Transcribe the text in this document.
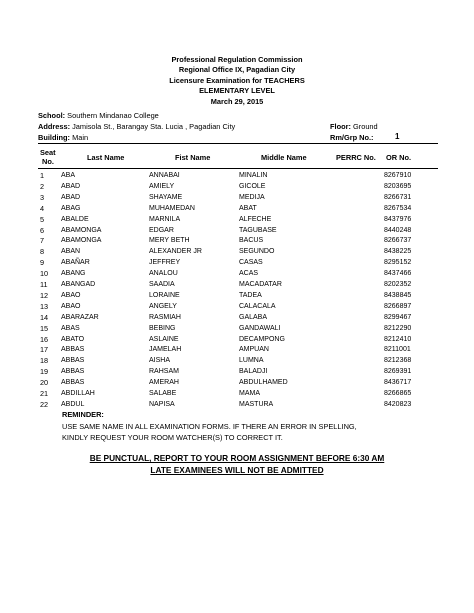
Professional Regulation Commission
Regional Office IX, Pagadian City
Licensure Examination for TEACHERS
ELEMENTARY LEVEL
March 29, 2015
School: Southern Mindanao College
Address: Jamisola St., Barangay Sta. Lucia , Pagadian City	Floor: Ground
Building: Main	Rm/Grp No.:	1
Seat
No.	Last Name	Fist Name	Middle Name	PERRC No. OR No.
1 ABA	ANNABAI	MINALIN	8267910
2 ABAD	AMIELY	GICOLE	8203695
3 ABAD	SHAYAME	MEDIJA	8266731
4 ABAG	MUHAMEDAN	ABAT	8267534
5 ABALDE	MARNILA	ALFECHE	8437976
6 ABAMONGA	EDGAR	TAGUBASE	8440248
7 ABAMONGA	MERY BETH	BACUS	8266737
8 ABAN	ALEXANDER JR	SEGUNDO	8438225
9 ABAÑAR	JEFFREY	CASAS	8295152
10 ABANG	ANALOU	ACAS	8437466
11 ABANGAD	SAADIA	MACADATAR	8202352
12 ABAO	LORAINE	TADEA	8438845
13 ABAO	ANGELY	CALACALA	8266897
14 ABARAZAR	RASMIAH	GALABA	8299467
15 ABAS	BEBING	GANDAWALI	8212290
16 ABATO	ASLAINE	DECAMPONG	8212410
17 ABBAS	JAMELAH	AMPUAN	8211001
18 ABBAS	AISHA	LUMNA	8212368
19 ABBAS	RAHSAM	BALADJI	8269391
20 ABBAS	AMERAH	ABDULHAMED	8436717
21 ABDILLAH	SALABE	MAMA	8266865
22 ABDUL	NAPISA	MASTURA	8420823
REMINDER:
USE SAME NAME IN ALL EXAMINATION FORMS. IF THERE AN ERROR IN SPELLING,
KINDLY REQUEST YOUR ROOM WATCHER(S) TO CORRECT IT.
BE PUNCTUAL, REPORT TO YOUR ROOM ASSIGNMENT BEFORE 6:30 AM
LATE EXAMINEES WILL NOT BE ADMITTED
